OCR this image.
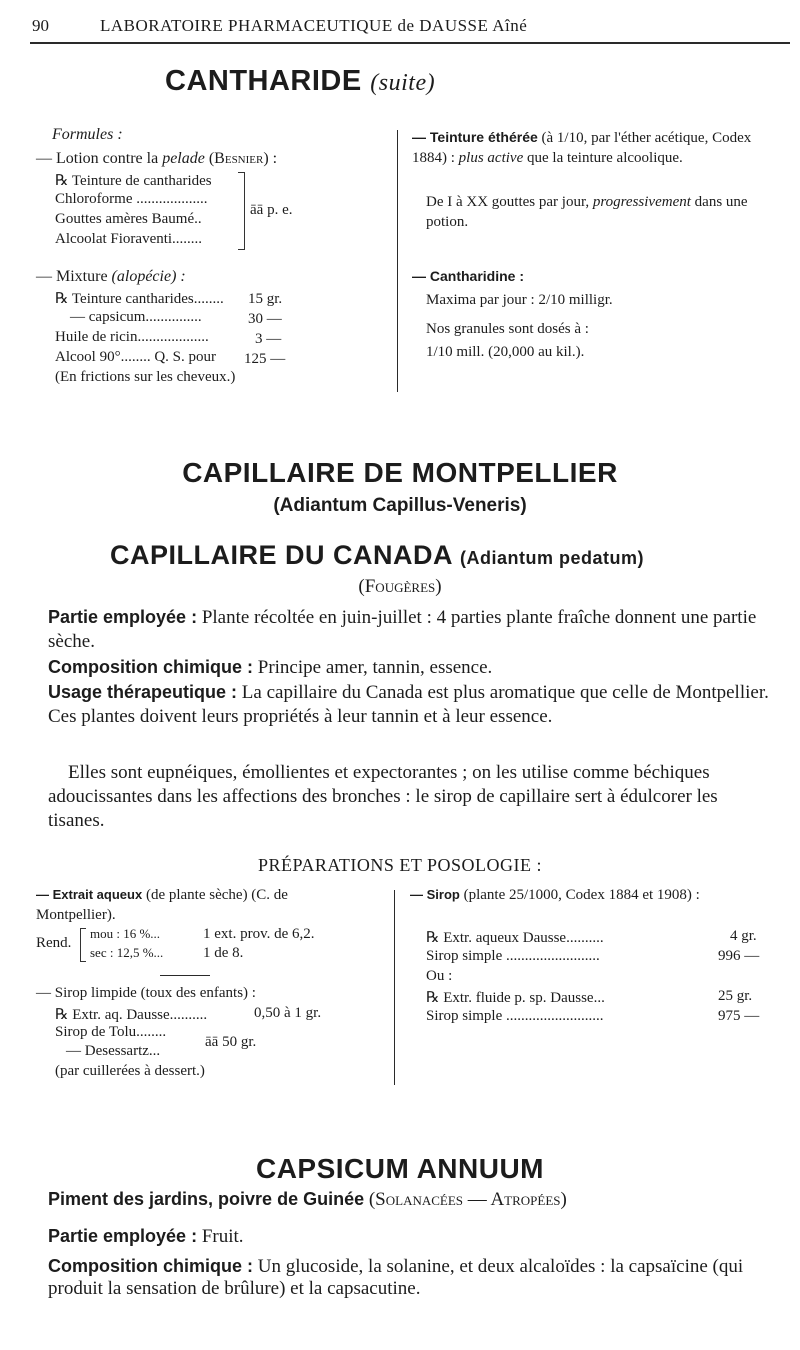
90	LABORATOIRE PHARMACEUTIQUE de DAUSSE Aîné
CANTHARIDE (suite)
Formules :
— Lotion contre la pelade (Besnier) :
℞ Teinture de cantharides
Chloroforme ...................
Gouttes amères Baumé..
Alcoolat Fioraventi........
āā p. e.
— Mixture (alopécie) :
℞ Teinture cantharides........ 15 gr.
— capsicum...............	30 —
Huile de ricin...................	3 —
Alcool 90°........ Q. S. pour 125 —
(En frictions sur les cheveux.)
— Teinture éthérée (à 1/10, par l'éther acétique, Codex 1884) : plus active que la teinture alcoolique.
De I à XX gouttes par jour, progressivement dans une potion.
— Cantharidine :
Maxima par jour : 2/10 milligr.
Nos granules sont dosés à :
1/10 mill. (20,000 au kil.).
CAPILLAIRE DE MONTPELLIER
(Adiantum Capillus-Veneris)
CAPILLAIRE DU CANADA (Adiantum pedatum)
(Fougères)
Partie employée : Plante récoltée en juin-juillet : 4 parties plante fraîche donnent une partie sèche.
Composition chimique : Principe amer, tannin, essence.
Usage thérapeutique : La capillaire du Canada est plus aromatique que celle de Montpellier. Ces plantes doivent leurs propriétés à leur tannin et à leur essence.
Elles sont eupnéiques, émollientes et expectorantes ; on les utilise comme béchiques adoucissantes dans les affections des bronches : le sirop de capillaire sert à édulcorer les tisanes.
PRÉPARATIONS ET POSOLOGIE :
— Extrait aqueux (de plante sèche) (C. de Montpellier).
Rend.
mou : 16 %...	1 ext. prov. de 6,2.
sec : 12,5 %...	1 de 8.
— Sirop limpide (toux des enfants) :
℞ Extr. aq. Dausse..........	0,50 à 1 gr.
Sirop de Tolu........
— Desessartz...
āā 50 gr.
(par cuillerées à dessert.)
— Sirop (plante 25/1000, Codex 1884 et 1908) :
℞ Extr. aqueux Dausse..........	4 gr.
Sirop simple .........................	996 —
Ou :
℞ Extr. fluide p. sp. Dausse...	25 gr.
Sirop simple ..........................	975 —
CAPSICUM ANNUUM
Piment des jardins, poivre de Guinée (Solanacées — Atropées)
Partie employée : Fruit.
Composition chimique : Un glucoside, la solanine, et deux alcaloïdes : la capsaïcine (qui produit la sensation de brûlure) et la capsacutine.
